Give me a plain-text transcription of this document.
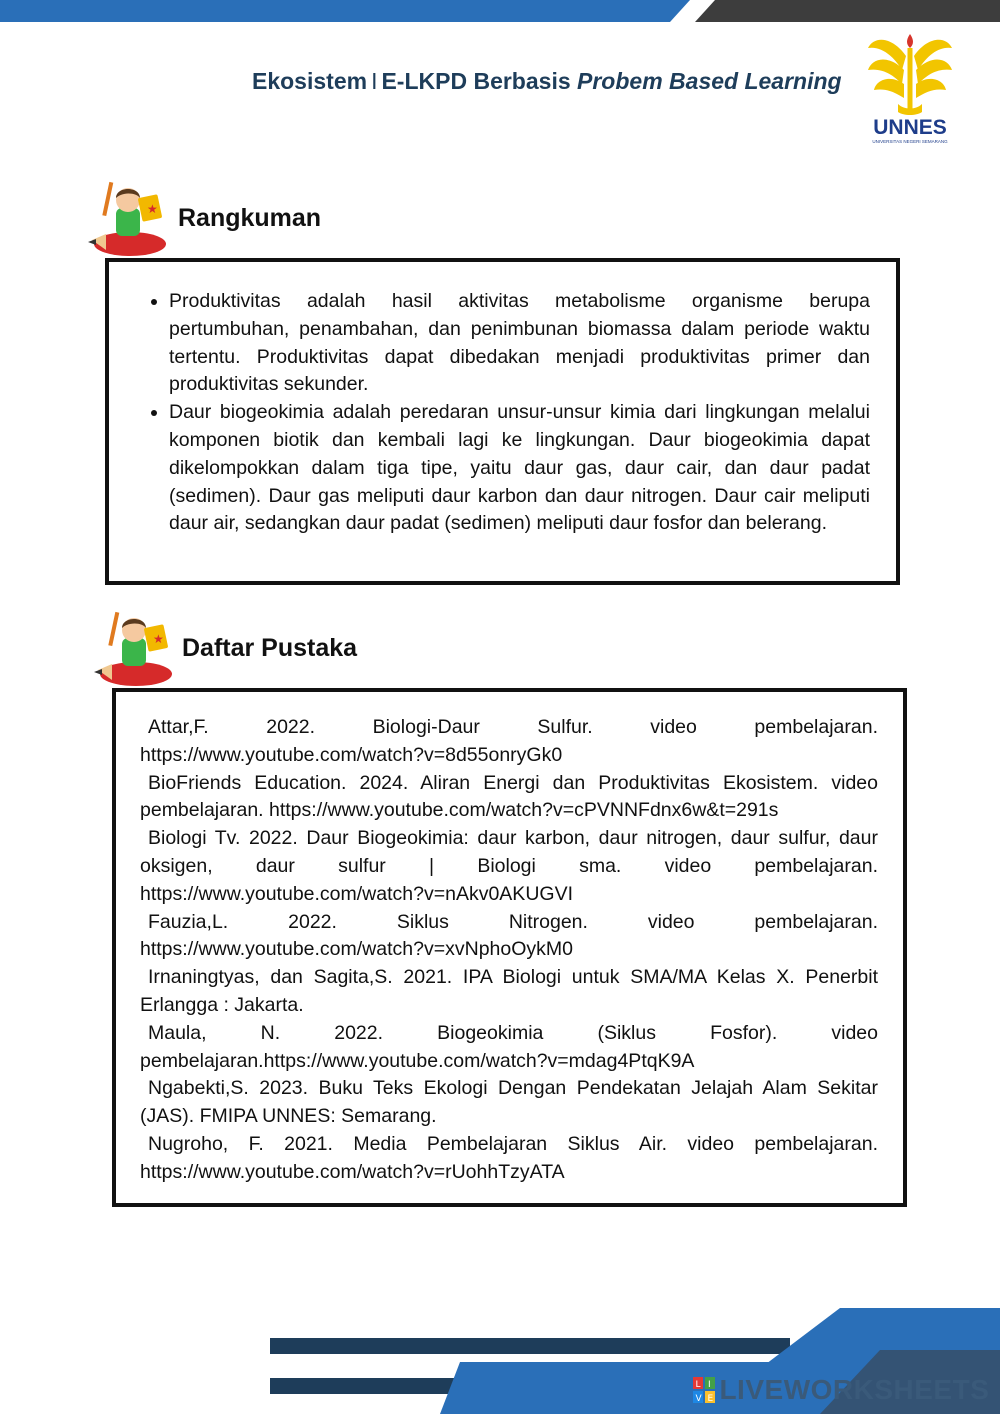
Ekosistem I E-LKPD Berbasis Probem Based Learning
UNNES
UNIVERSITAS NEGERI SEMARANG
★ Rangkuman
• Produktivitas adalah hasil aktivitas metabolisme organisme berupa pertumbuhan, penambahan, dan penimbunan biomassa dalam periode waktu tertentu. Produktivitas dapat dibedakan menjadi produktivitas primer dan produktivitas sekunder.
• Daur biogeokimia adalah peredaran unsur-unsur kimia dari lingkungan melalui komponen biotik dan kembali lagi ke lingkungan. Daur biogeokimia dapat dikelompokkan dalam tiga tipe, yaitu daur gas, daur cair, dan daur padat (sedimen). Daur gas meliputi daur karbon dan daur nitrogen. Daur cair meliputi daur air, sedangkan daur padat (sedimen) meliputi daur fosfor dan belerang.
★ Daftar Pustaka

Attar,F. 2022. Biologi-Daur Sulfur. video pembelajaran. https://www.youtube.com/watch?v=8d55onryGk0

BioFriends Education. 2024. Aliran Energi dan Produktivitas Ekosistem. video pembelajaran. https://www.youtube.com/watch?v=cPVNNFdnx6w&t=291s

Biologi Tv. 2022. Daur Biogeokimia: daur karbon, daur nitrogen, daur sulfur, daur oksigen, daur sulfur | Biologi sma. video pembelajaran. https://www.youtube.com/watch?v=nAkv0AKUGVI

Fauzia,L. 2022. Siklus Nitrogen. video pembelajaran. https://www.youtube.com/watch?v=xvNphoOykM0

Irnaningtyas, dan Sagita,S. 2021. IPA Biologi untuk SMA/MA Kelas X. Penerbit Erlangga : Jakarta.

Maula, N. 2022. Biogeokimia (Siklus Fosfor). video pembelajaran.https://www.youtube.com/watch?v=mdag4PtqK9A

Ngabekti,S. 2023. Buku Teks Ekologi Dengan Pendekatan Jelajah Alam Sekitar (JAS). FMIPA UNNES: Semarang.

Nugroho, F. 2021. Media Pembelajaran Siklus Air. video pembelajaran. https://www.youtube.com/watch?v=rUohhTzyATA

L I
V E LIVEWORKSHEETS
